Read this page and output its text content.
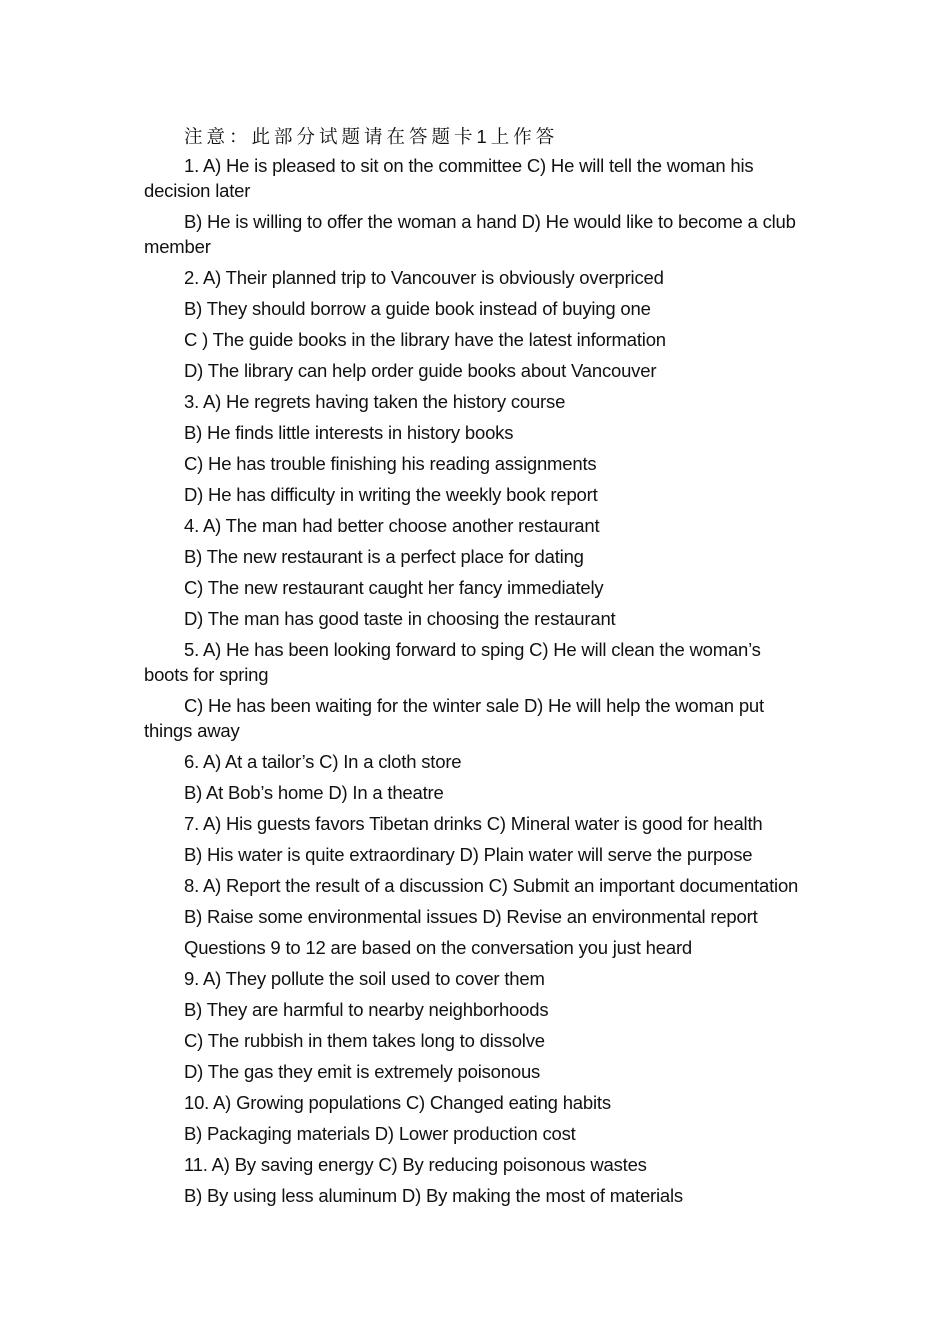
注意：此部分试题请在答题卡1上作答

1. A) He is pleased to sit on the committee C) He will tell the woman his decision later

B) He is willing to offer the woman a hand D) He would like to become a club member

2. A) Their planned trip to Vancouver is obviously overpriced

B) They should borrow a guide book instead of buying one

C ) The guide books in the library have the latest information

D) The library can help order guide books about Vancouver

3. A) He regrets having taken the history course

B) He finds little interests in history books

C) He has trouble finishing his reading assignments

D) He has difficulty in writing the weekly book report

4. A) The man had better choose another restaurant

B) The new restaurant is a perfect place for dating

C) The new restaurant caught her fancy immediately

D) The man has good taste in choosing the restaurant

5. A) He has been looking forward to sping C) He will clean the woman’s boots for spring

C) He has been waiting for the winter sale D) He will help the woman put things away

6. A) At a tailor’s C) In a cloth store

B) At Bob’s home D) In a theatre

7. A) His guests favors Tibetan drinks C) Mineral water is good for health

B) His water is quite extraordinary D) Plain water will serve the purpose

8. A) Report the result of a discussion C) Submit an important documentation

B) Raise some environmental issues D) Revise an environmental report

Questions 9 to 12 are based on the conversation you just heard

9. A) They pollute the soil used to cover them

B) They are harmful to nearby neighborhoods

C) The rubbish in them takes long to dissolve

D) The gas they emit is extremely poisonous

10. A) Growing populations C) Changed eating habits

B) Packaging materials D) Lower production cost

11. A) By saving energy C) By reducing poisonous wastes

B) By using less aluminum D) By making the most of materials
